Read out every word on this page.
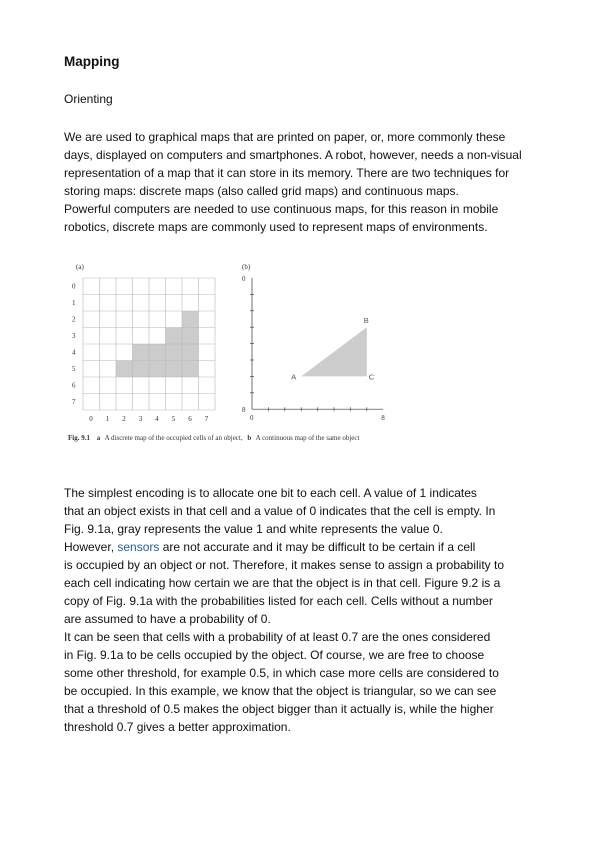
Mapping
Orienting
We are used to graphical maps that are printed on paper, or, more commonly these
days, displayed on computers and smartphones. A robot, however, needs a non-visual
representation of a map that it can store in its memory. There are two techniques for
storing maps: discrete maps (also called grid maps) and continuous maps.
Powerful computers are needed to use continuous maps, for this reason in mobile
robotics, discrete maps are commonly used to represent maps of environments.
(a)	(b)
0
1
2
3
4
5
6
7
0 1 2 3 4 5 6 7
0
8
0	8
A
B
C
Fig. 9.1 a A discrete map of the occupied cells of an object, b A continuous map of the same object
The simplest encoding is to allocate one bit to each cell. A value of 1 indicates
that an object exists in that cell and a value of 0 indicates that the cell is empty. In
Fig. 9.1a, gray represents the value 1 and white represents the value 0.
However, sensors are not accurate and it may be difficult to be certain if a cell
is occupied by an object or not. Therefore, it makes sense to assign a probability to
each cell indicating how certain we are that the object is in that cell. Figure 9.2 is a
copy of Fig. 9.1a with the probabilities listed for each cell. Cells without a number
are assumed to have a probability of 0.
It can be seen that cells with a probability of at least 0.7 are the ones considered
in Fig. 9.1a to be cells occupied by the object. Of course, we are free to choose
some other threshold, for example 0.5, in which case more cells are considered to
be occupied. In this example, we know that the object is triangular, so we can see
that a threshold of 0.5 makes the object bigger than it actually is, while the higher
threshold 0.7 gives a better approximation.
